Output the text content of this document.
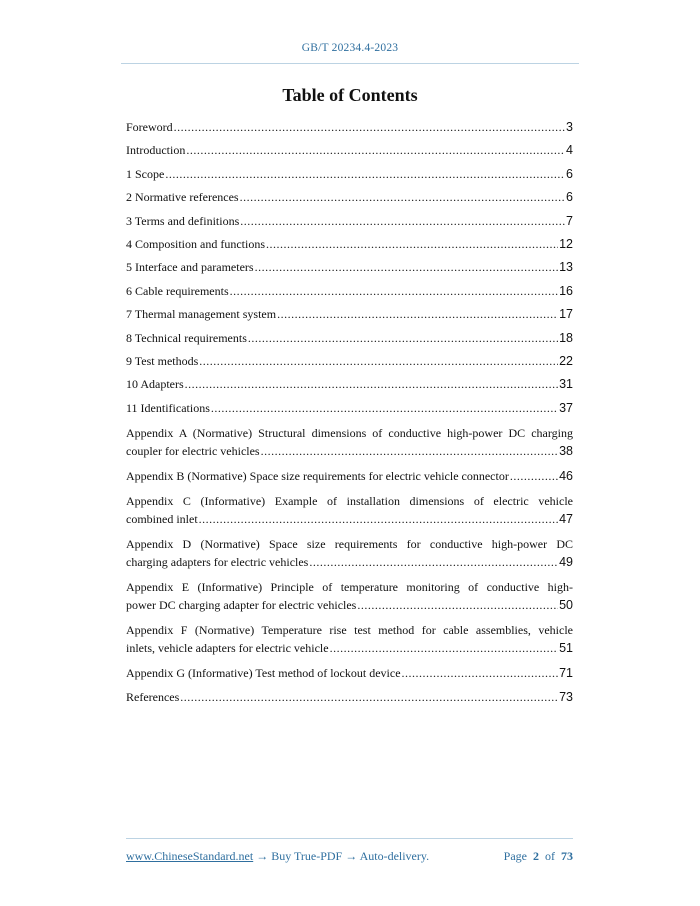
GB/T 20234.4-2023
Table of Contents
Foreword .....	3
Introduction .....	4
1 Scope .....	6
2 Normative references .....	6
3 Terms and definitions .....	7
4 Composition and functions .....	12
5 Interface and parameters .....	13
6 Cable requirements .....	16
7 Thermal management system .....	17
8 Technical requirements .....	18
9 Test methods .....	22
10 Adapters .....	31
11 Identifications .....	37
Appendix A (Normative) Structural dimensions of conductive high-power DC charging
coupler for electric vehicles .....	38
Appendix B (Normative) Space size requirements for electric vehicle connector .....	46
Appendix C (Informative) Example of installation dimensions of electric vehicle
combined inlet .....	47
Appendix D (Normative) Space size requirements for conductive high-power DC
charging adapters for electric vehicles .....	49
Appendix E (Informative) Principle of temperature monitoring of conductive high-
power DC charging adapter for electric vehicles .....	50
Appendix F (Normative) Temperature rise test method for cable assemblies, vehicle
inlets, vehicle adapters for electric vehicle .....	51
Appendix G (Informative) Test method of lockout device .....	71
References .....	73
www.ChineseStandard.net → Buy True-PDF → Auto-delivery.	Page 2 of 73
